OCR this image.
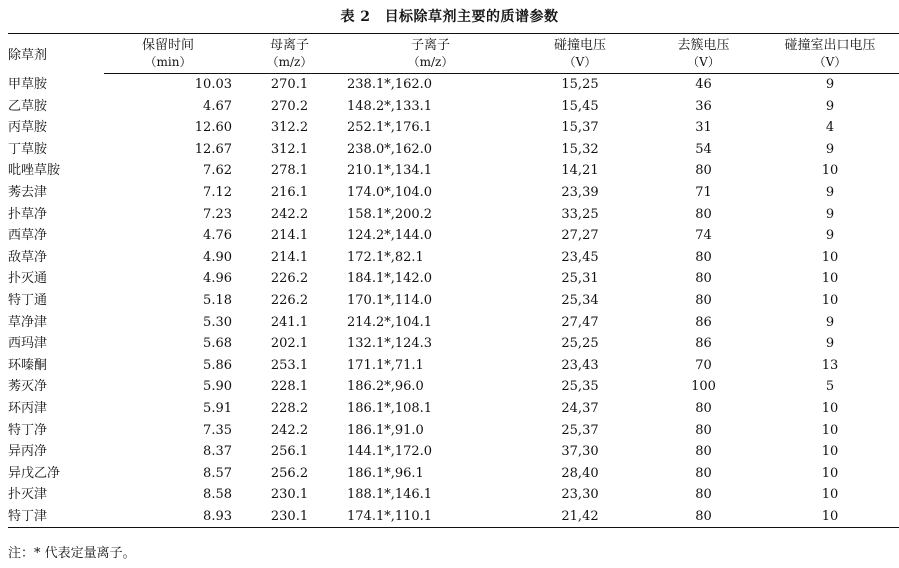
表 2 目标除草剂主要的质谱参数
除草剂	保留时间	母离子	子离子	碰撞电压	去簇电压	碰撞室出口电压
	（min）	（m/z）	（m/z）	（V）	（V）	（V）
甲草胺	10.03	270.1	238.1*,162.0	15,25	46	9
乙草胺	4.67	270.2	148.2*,133.1	15,45	36	9
丙草胺	12.60	312.2	252.1*,176.1	15,37	31	4
丁草胺	12.67	312.1	238.0*,162.0	15,32	54	9
吡唑草胺	7.62	278.1	210.1*,134.1	14,21	80	10
莠去津	7.12	216.1	174.0*,104.0	23,39	71	9
扑草净	7.23	242.2	158.1*,200.2	33,25	80	9
西草净	4.76	214.1	124.2*,144.0	27,27	74	9
敌草净	4.90	214.1	172.1*,82.1	23,45	80	10
扑灭通	4.96	226.2	184.1*,142.0	25,31	80	10
特丁通	5.18	226.2	170.1*,114.0	25,34	80	10
草净津	5.30	241.1	214.2*,104.1	27,47	86	9
西玛津	5.68	202.1	132.1*,124.3	25,25	86	9
环嗪酮	5.86	253.1	171.1*,71.1	23,43	70	13
莠灭净	5.90	228.1	186.2*,96.0	25,35	100	5
环丙津	5.91	228.2	186.1*,108.1	24,37	80	10
特丁净	7.35	242.2	186.1*,91.0	25,37	80	10
异丙净	8.37	256.1	144.1*,172.0	37,30	80	10
异戊乙净	8.57	256.2	186.1*,96.1	28,40	80	10
扑灭津	8.58	230.1	188.1*,146.1	23,30	80	10
特丁津	8.93	230.1	174.1*,110.1	21,42	80	10
注：* 代表定量离子。
